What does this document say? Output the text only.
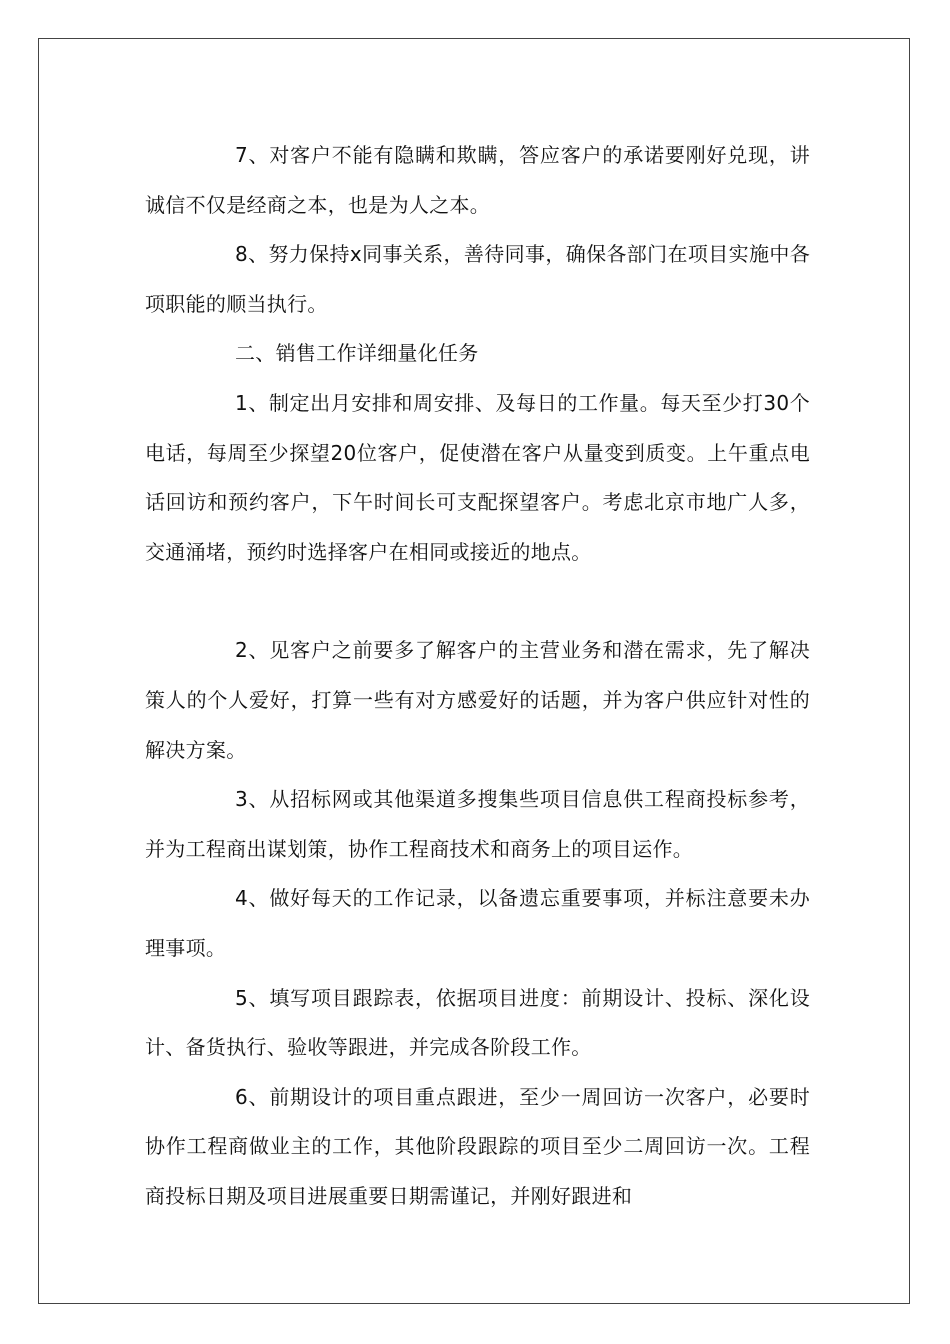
7、对客户不能有隐瞒和欺瞒，答应客户的承诺要刚好兑现，讲诚信不仅是经商之本，也是为人之本。

8、努力保持x同事关系，善待同事，确保各部门在项目实施中各项职能的顺当执行。

二、销售工作详细量化任务

1、制定出月安排和周安排、及每日的工作量。每天至少打30个电话，每周至少探望20位客户，促使潜在客户从量变到质变。上午重点电话回访和预约客户，下午时间长可支配探望客户。考虑北京市地广人多，交通涌堵，预约时选择客户在相同或接近的地点。

2、见客户之前要多了解客户的主营业务和潜在需求，先了解决策人的个人爱好，打算一些有对方感爱好的话题，并为客户供应针对性的解决方案。

3、从招标网或其他渠道多搜集些项目信息供工程商投标参考，并为工程商出谋划策，协作工程商技术和商务上的项目运作。

4、做好每天的工作记录，以备遗忘重要事项，并标注意要未办理事项。

5、填写项目跟踪表，依据项目进度：前期设计、投标、深化设计、备货执行、验收等跟进，并完成各阶段工作。

6、前期设计的项目重点跟进，至少一周回访一次客户，必要时协作工程商做业主的工作，其他阶段跟踪的项目至少二周回访一次。工程商投标日期及项目进展重要日期需谨记，并刚好跟进和
